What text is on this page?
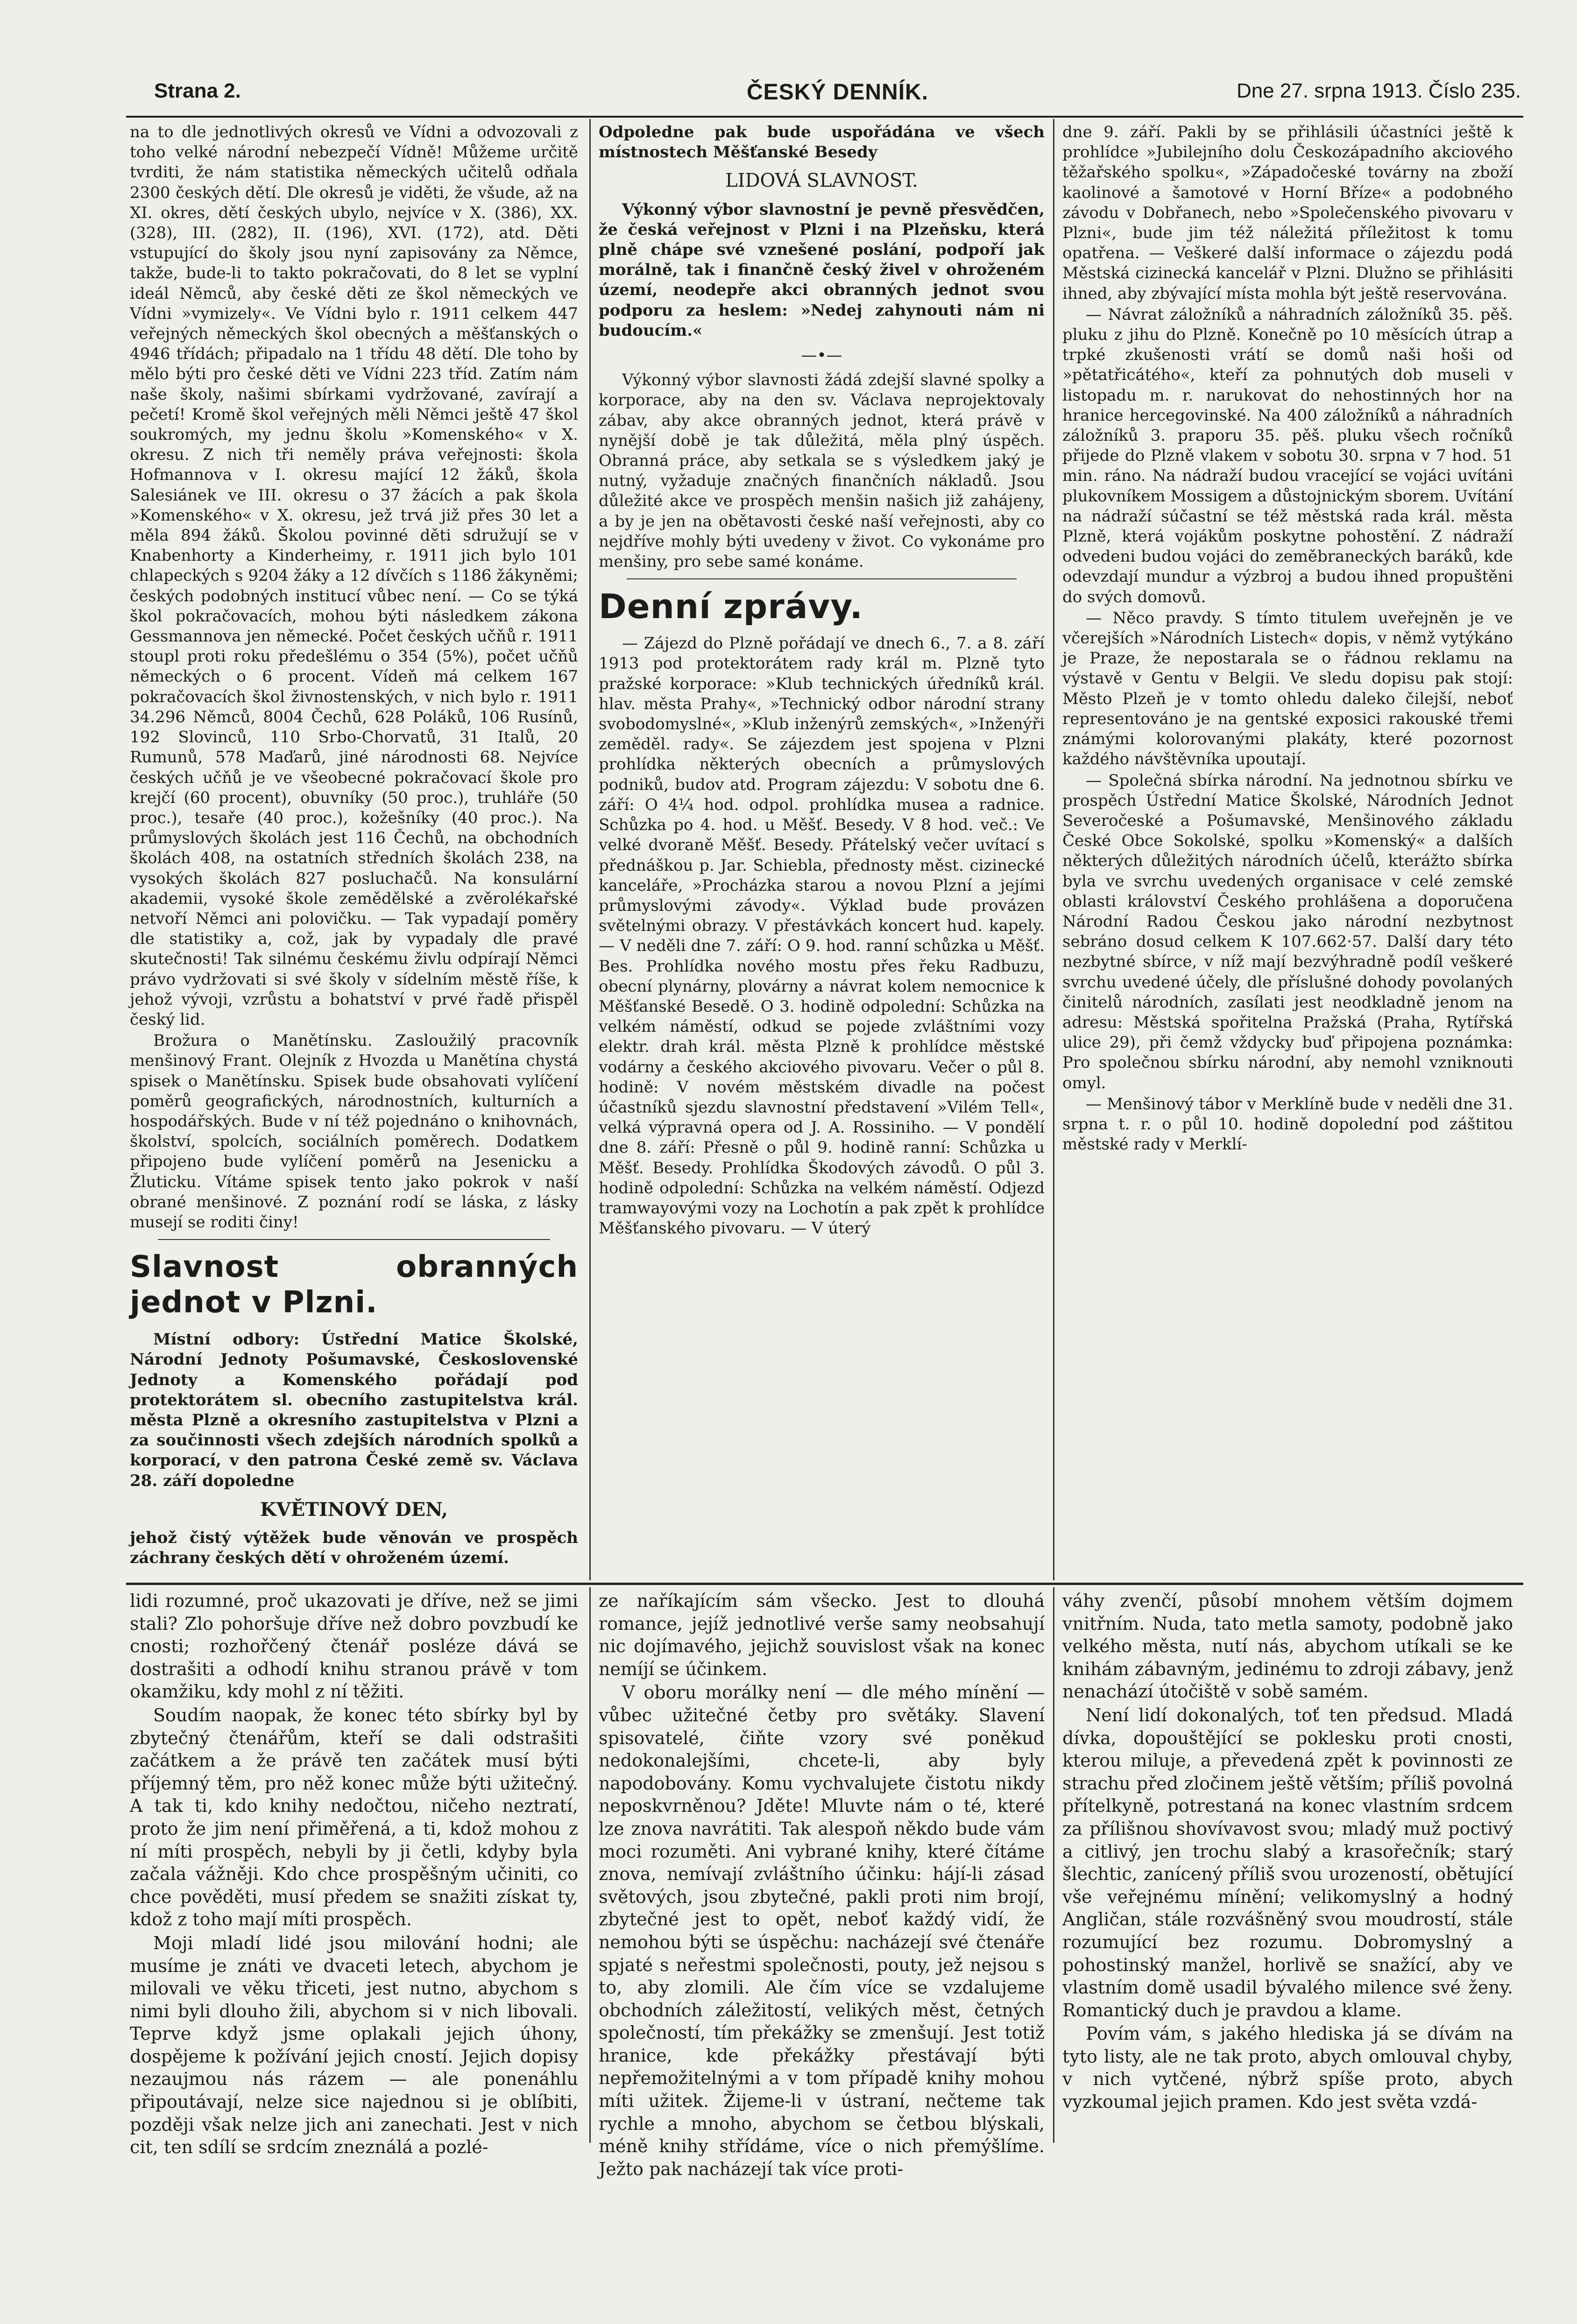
Strana 2.	ČESKÝ DENNÍK.	Dne 27. srpna 1913. Číslo 235.

na to dle jednotlivých okresů ve Vídni a odvozovali z toho velké národní nebezpečí Vídně! Můžeme určitě tvrditi, že nám statistika německých učitelů odňala 2300 českých dětí. Dle okresů je viděti, že všude, až na XI. okres, dětí českých ubylo, nejvíce v X. (386), XX. (328), III. (282), II. (196), XVI. (172), atd. Děti vstupující do školy jsou nyní zapisovány za Němce, takže, bude-li to takto pokračovati, do 8 let se vyplní ideál Němců, aby české děti ze škol německých ve Vídni »vymizely«. Ve Vídni bylo r. 1911 celkem 447 veřejných německých škol obecných a měšťanských o 4946 třídách; připadalo na 1 třídu 48 dětí. Dle toho by mělo býti pro české děti ve Vídni 223 tříd. Zatím nám naše školy, našimi sbírkami vydržované, zavírají a pečetí! Kromě škol veřejných měli Němci ještě 47 škol soukromých, my jednu školu »Komenského« v X. okresu. Z nich tři neměly práva veřejnosti: škola Hofmannova v I. okresu mající 12 žáků, škola Salesiánek ve III. okresu o 37 žácích a pak škola »Komenského« v X. okresu, jež trvá již přes 30 let a měla 894 žáků. Školou povinné děti sdružují se v Knabenhorty a Kinderheimy, r. 1911 jich bylo 101 chlapeckých s 9204 žáky a 12 dívčích s 1186 žákyněmi; českých podobných institucí vůbec není. — Co se týká škol pokračovacích, mohou býti následkem zákona Gessmannova jen německé. Počet českých učňů r. 1911 stoupl proti roku předešlému o 354 (5%), počet učňů německých o 6 procent. Vídeň má celkem 167 pokračovacích škol živnostenských, v nich bylo r. 1911 34.296 Němců, 8004 Čechů, 628 Poláků, 106 Rusínů, 192 Slovinců, 110 Srbo-Chorvatů, 31 Italů, 20 Rumunů, 578 Maďarů, jiné národnosti 68. Nejvíce českých učňů je ve všeobecné pokračovací škole pro krejčí (60 procent), obuvníky (50 proc.), truhláře (50 proc.), tesaře (40 proc.), kožešníky (40 proc.). Na průmyslových školách jest 116 Čechů, na obchodních školách 408, na ostatních středních školách 238, na vysokých školách 827 posluchačů. Na konsulární akademii, vysoké škole zemědělské a zvěrolékařské netvoří Němci ani polovičku. — Tak vypadají poměry dle statistiky a, což, jak by vypadaly dle pravé skutečnosti! Tak silnému českému živlu odpírají Němci právo vydržovati si své školy v sídelním městě říše, k jehož vývoji, vzrůstu a bohatství v prvé řadě přispěl český lid.

Brožura o Manětínsku. Zasloužilý pracovník menšinový Frant. Olejník z Hvozda u Manětína chystá spisek o Manětínsku. Spisek bude obsahovati vylíčení poměrů geografických, národnostních, kulturních a hospodářských. Bude v ní též pojednáno o knihovnách, školství, spolcích, sociálních poměrech. Dodatkem připojeno bude vylíčení poměrů na Jesenicku a Žluticku. Vítáme spisek tento jako pokrok v naší obrané menšinové. Z poznání rodí se láska, z lásky musejí se roditi činy!

Slavnost obranných jednot v Plzni.

Místní odbory: Ústřední Matice Školské, Národní Jednoty Pošumavské, Československé Jednoty a Komenského pořádají pod protektorátem sl. obecního zastupitelstva král. města Plzně a okresního zastupitelstva v Plzni a za součinnosti všech zdejších národních spolků a korporací, v den patrona České země sv. Václava 28. září dopoledne

KVĚTINOVÝ DEN,

jehož čistý výtěžek bude věnován ve prospěch záchrany českých dětí v ohroženém území.

Odpoledne pak bude uspořádána ve všech místnostech Měšťanské Besedy

LIDOVÁ SLAVNOST.

Výkonný výbor slavnostní je pevně přesvědčen, že česká veřejnost v Plzni i na Plzeňsku, která plně chápe své vznešené poslání, podpoří jak morálně, tak i finančně český živel v ohroženém území, neodepře akci obranných jednot svou podporu za heslem: »Nedej zahynouti nám ni budoucím.«

—•—

Výkonný výbor slavnosti žádá zdejší slavné spolky a korporace, aby na den sv. Václava neprojektovaly zábav, aby akce obranných jednot, která právě v nynější době je tak důležitá, měla plný úspěch. Obranná práce, aby setkala se s výsledkem jaký je nutný, vyžaduje značných finančních nákladů. Jsou důležité akce ve prospěch menšin našich již zahájeny, a by je jen na obětavosti české naší veřejnosti, aby co nejdříve mohly býti uvedeny v život. Co vykonáme pro menšiny, pro sebe samé konáme.

Denní zprávy.

— Zájezd do Plzně pořádají ve dnech 6., 7. a 8. září 1913 pod protektorátem rady král m. Plzně tyto pražské korporace: »Klub technických úředníků král. hlav. města Prahy«, »Technický odbor národní strany svobodomyslné«, »Klub inženýrů zemských«, »Inženýři zeměděl. rady«. Se zájezdem jest spojena v Plzni prohlídka některých obecních a průmyslových podniků, budov atd. Program zájezdu: V sobotu dne 6. září: O 4¼ hod. odpol. prohlídka musea a radnice. Schůzka po 4. hod. u Měšť. Besedy. V 8 hod. več.: Ve velké dvoraně Měšť. Besedy. Přátelský večer uvítací s přednáškou p. Jar. Schiebla, přednosty měst. cizinecké kanceláře, »Procházka starou a novou Plzní a jejími průmyslovými závody«. Výklad bude provázen světelnými obrazy. V přestávkách koncert hud. kapely. — V neděli dne 7. září: O 9. hod. ranní schůzka u Měšť. Bes. Prohlídka nového mostu přes řeku Radbuzu, obecní plynárny, plovárny a návrat kolem nemocnice k Měšťanské Besedě. O 3. hodině odpolední: Schůzka na velkém náměstí, odkud se pojede zvláštními vozy elektr. drah král. města Plzně k prohlídce městské vodárny a českého akciového pivovaru. Večer o půl 8. hodině: V novém městském divadle na počest účastníků sjezdu slavnostní představení »Vilém Tell«, velká výpravná opera od J. A. Rossiniho. — V pondělí dne 8. září: Přesně o půl 9. hodině ranní: Schůzka u Měšť. Besedy. Prohlídka Škodových závodů. O půl 3. hodině odpolední: Schůzka na velkém náměstí. Odjezd tramwayovými vozy na Lochotín a pak zpět k prohlídce Měšťanského pivovaru. — V úterý

dne 9. září. Pakli by se přihlásili účastníci ještě k prohlídce »Jubilejního dolu Českozápadního akciového těžařského spolku«, »Západočeské továrny na zboží kaolinové a šamotové v Horní Bříze« a podobného závodu v Dobřanech, nebo »Společenského pivovaru v Plzni«, bude jim též náležitá příležitost k tomu opatřena. — Veškeré další informace o zájezdu podá Městská cizinecká kancelář v Plzni. Dlužno se přihlásiti ihned, aby zbývající místa mohla být ještě reservována.

— Návrat záložníků a náhradních záložníků 35. pěš. pluku z jihu do Plzně. Konečně po 10 měsících útrap a trpké zkušenosti vrátí se domů naši hoši od »pětatřicátého«, kteří za pohnutých dob museli v listopadu m. r. narukovat do nehostinných hor na hranice hercegovinské. Na 400 záložníků a náhradních záložníků 3. praporu 35. pěš. pluku všech ročníků přijede do Plzně vlakem v sobotu 30. srpna v 7 hod. 51 min. ráno. Na nádraží budou vracející se vojáci uvítáni plukovníkem Mossigem a důstojnickým sborem. Uvítání na nádraží súčastní se též městská rada král. města Plzně, která vojákům poskytne pohostění. Z nádraží odvedeni budou vojáci do zeměbraneckých baráků, kde odevzdají mundur a výzbroj a budou ihned propuštěni do svých domovů.

— Něco pravdy. S tímto titulem uveřejněn je ve včerejších »Národních Listech« dopis, v němž vytýkáno je Praze, že nepostarala se o řádnou reklamu na výstavě v Gentu v Belgii. Ve sledu dopisu pak stojí: Město Plzeň je v tomto ohledu daleko čilejší, neboť representováno je na gentské exposici rakouské třemi známými kolorovanými plakáty, které pozornost každého návštěvníka upoutají.

— Společná sbírka národní. Na jednotnou sbírku ve prospěch Ústřední Matice Školské, Národních Jednot Severočeské a Pošumavské, Menšinového základu České Obce Sokolské, spolku »Komenský« a dalších některých důležitých národních účelů, kterážto sbírka byla ve svrchu uvedených organisace v celé zemské oblasti království Českého prohlášena a doporučena Národní Radou Českou jako národní nezbytnost sebráno dosud celkem K 107.662·57. Další dary této nezbytné sbírce, v níž mají bezvýhradně podíl veškeré svrchu uvedené účely, dle příslušné dohody povolaných činitelů národních, zasílati jest neodkladně jenom na adresu: Městská spořitelna Pražská (Praha, Rytířská ulice 29), při čemž vždycky buď připojena poznámka: Pro společnou sbírku národní, aby nemohl vzniknouti omyl.

— Menšinový tábor v Merklíně bude v neděli dne 31. srpna t. r. o půl 10. hodině dopolední pod záštitou městské rady v Merklí-

lidi rozumné, proč ukazovati je dříve, než se jimi stali? Zlo pohoršuje dříve než dobro povzbudí ke cnosti; rozhořčený čtenář posléze dává se dostrašiti a odhodí knihu stranou právě v tom okamžiku, kdy mohl z ní těžiti.

Soudím naopak, že konec této sbírky byl by zbytečný čtenářům, kteří se dali odstrašiti začátkem a že právě ten začátek musí býti příjemný těm, pro něž konec může býti užitečný. A tak ti, kdo knihy nedočtou, ničeho neztratí, proto že jim není přiměřená, a ti, kdož mohou z ní míti prospěch, nebyli by ji četli, kdyby byla začala vážněji. Kdo chce prospěšným učiniti, co chce pověděti, musí předem se snažiti získat ty, kdož z toho mají míti prospěch.

Moji mladí lidé jsou milování hodni; ale musíme je znáti ve dvaceti letech, abychom je milovali ve věku třiceti, jest nutno, abychom s nimi byli dlouho žili, abychom si v nich libovali. Teprve když jsme oplakali jejich úhony, dospějeme k požívání jejich cností. Jejich dopisy nezaujmou nás rázem — ale ponenáhlu připoutávají, nelze sice najednou si je oblíbiti, později však nelze jich ani zanechati. Jest v nich cit, ten sdílí se srdcím zneználá a pozlé-

ze naříkajícím sám všecko. Jest to dlouhá romance, jejíž jednotlivé verše samy neobsahují nic dojímavého, jejichž souvislost však na konec nemíjí se účinkem.

V oboru morálky není — dle mého mínění — vůbec užitečné četby pro světáky. Slavení spisovatelé, čiňte vzory své poněkud nedokonalejšími, chcete-li, aby byly napodobovány. Komu vychvalujete čistotu nikdy neposkvrněnou? Jděte! Mluvte nám o té, které lze znova navrátiti. Tak alespoň někdo bude vám moci rozuměti. Ani vybrané knihy, které čítáme znova, nemívají zvláštního účinku: hájí-li zásad světových, jsou zbytečné, pakli proti nim brojí, zbytečné jest to opět, neboť každý vidí, že nemohou býti se úspěchu: nacházejí své čtenáře spjaté s neřestmi společnosti, pouty, jež nejsou s to, aby zlomili. Ale čím více se vzdalujeme obchodních záležitostí, velikých měst, četných společností, tím překážky se zmenšují. Jest totiž hranice, kde překážky přestávají býti nepřemožitelnými a v tom případě knihy mohou míti užitek. Žijeme-li v ústraní, nečteme tak rychle a mnoho, abychom se četbou blýskali, méně knihy střídáme, více o nich přemýšlíme. Ježto pak nacházejí tak více proti-

váhy zvenčí, působí mnohem větším dojmem vnitřním. Nuda, tato metla samoty, podobně jako velkého města, nutí nás, abychom utíkali se ke knihám zábavným, jedinému to zdroji zábavy, jenž nenachází útočiště v sobě samém.

Není lidí dokonalých, toť ten předsud. Mladá dívka, dopouštějící se poklesku proti cnosti, kterou miluje, a převedená zpět k povinnosti ze strachu před zločinem ještě větším; příliš povolná přítelkyně, potrestaná na konec vlastním srdcem za přílišnou shovívavost svou; mladý muž poctivý a citlivý, jen trochu slabý a krasořečník; starý šlechtic, zanícený příliš svou urozeností, obětující vše veřejnému mínění; velikomyslný a hodný Angličan, stále rozvášněný svou moudrostí, stále rozumující bez rozumu. Dobromyslný a pohostinský manžel, horlivě se snažící, aby ve vlastním domě usadil bývalého milence své ženy. Romantický duch je pravdou a klame.

Povím vám, s jakého hlediska já se dívám na tyto listy, ale ne tak proto, abych omlouval chyby, v nich vytčené, nýbrž spíše proto, abych vyzkoumal jejich pramen. Kdo jest světa vzdá-
